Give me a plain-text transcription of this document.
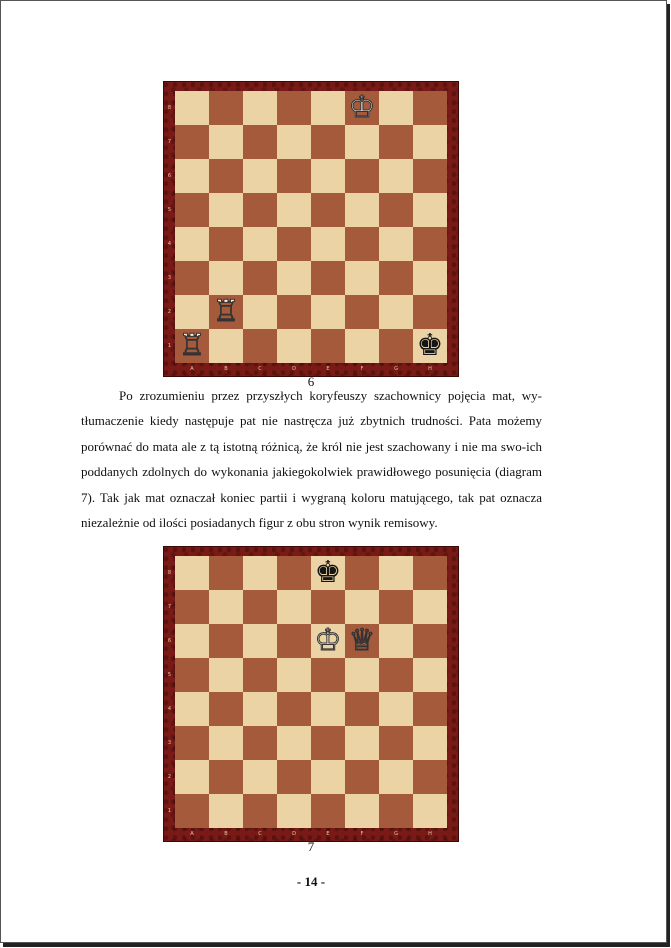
8
7
6
5
4
3
2
1
♔
♖
♖	♚
A	B	C	D	E	F	G	H
6

Po zrozumieniu przez przyszłych koryfeuszy szachownicy pojęcia mat, wy-tłumaczenie kiedy następuje pat nie nastręcza już zbytnich trudności. Pata możemy porównać do mata ale z tą istotną różnicą, że król nie jest szachowany i nie ma swo-ich poddanych zdolnych do wykonania jakiegokolwiek prawidłowego posunięcia (diagram 7). Tak jak mat oznaczał koniec partii i wygraną koloru matującego, tak pat oznacza niezależnie od ilości posiadanych figur z obu stron wynik remisowy.

8
7
6
5
4
3
2
1
♚
♔ ♕
A	B	C	D	E	F	G	H
7
- 14 -
